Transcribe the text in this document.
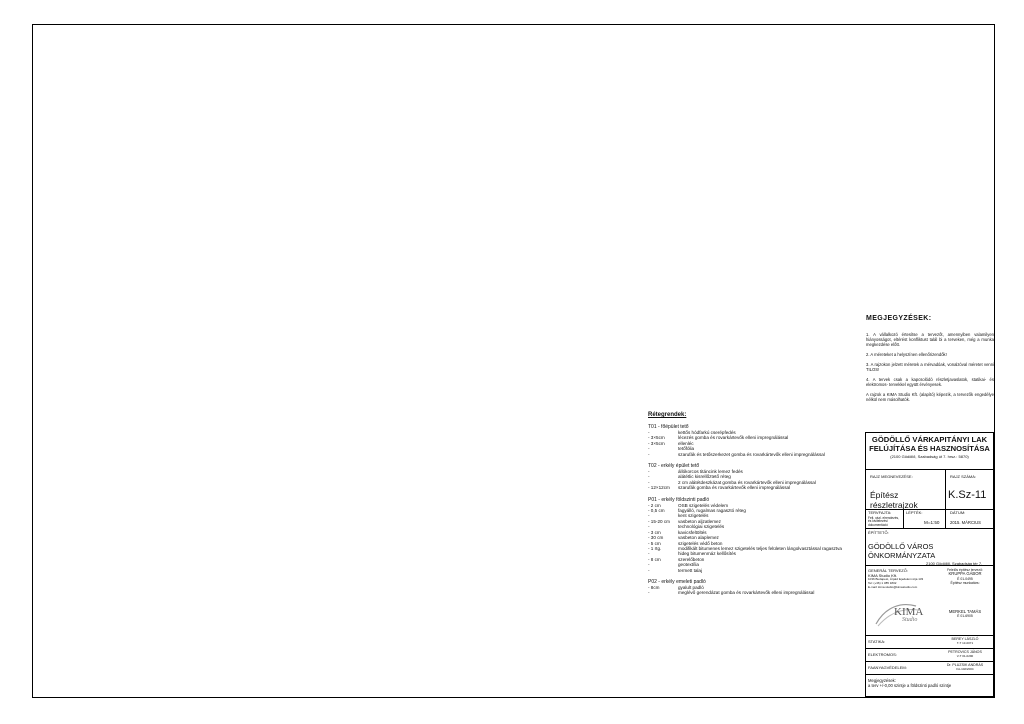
Rétegrendek:
T01 - főépület tető
-	kettős hódfarkú cserépfedés
- 3×5cm	lécezés gomba és rovarkártevők elleni impregnálással
- 3×5cm	ellenléc
-	tetőfólia
-	szarufák és tetőszerkezet gomba és rovarkártevők elleni impregnálással
T02 - erkély épület tető
-	állókorcos titáncink lemez fedés
-	alátétlic kisrellőztető réteg
-	2 cm alátétdeszkázat gomba és rovarkártevők elleni impregnálással
- 12×12cm	szarufák gomba és rovarkártevők elleni impregnálással
P01 - erkély földszinti padló
- 2 cm	OSB szigetelés védelem
- 0,5 cm	fagyálló, rugalmas ragasztó réteg
-	kent szigetelés
- 15-20 cm	vasbeton aljzatlemez
-	technológiai szigetelés
- 3 cm	kavicsfeltöltés
- 30 cm	vasbeton alaplemez
- 5 cm	szigetelés védő beton
- 1 rtg.	modifikált bitumenes lemez szigetelés teljes felületen lángolvasztással ragasztva
-	hideg bitumenmáz kellősítés
- 8 cm	szerelőbeton
-	geotextília
-	termett talaj
P02 - erkély emeleti padló
- 8cm	gyalult padló
-	meglévő gerendázat gomba és rovarkártevők elleni impregnálással
MEGJEGYZÉSEK:

1. A vállalkozó értesítse a tervezőt, amennyiben valamilyen hiányosságot, eltérést konfliktust talál bi a terveken, még a munka megkezdése előtt.

2. A méreteket a helyszínen ellenőrizendők!

3. A rajzokon jelzett méretek a mérvadóak, vonalzóval méretet venni TILOS!

4. A tervek csak a kapcsolódó részletjavaslatok, statikai- és elektromos- tervekkel együtt érvényesek.

A rajzok a KIMA Studio Kft. (alapító) képezik, a tervezők engedélye nélkül nem másolhatók.

GÖDÖLLŐ VÁRKAPITÁNYI LAK
FELÚJÍTÁSA ÉS HASZNOSÍTÁSA
(2100 Gödöllő, Szabadság út 7. hrsz.: 5870)
RAJZ MEGNEVEZÉSE:
Építész részletrajzok
RAJZ SZÁMA:
K.Sz-11
TERVFAJTA:
Felt. vázl. elrendezés, és kivitelezési dokumentáció
LÉPTÉK:
M=1:50
DÁTUM:
2015. MÁRCIUS
ÉPÍTTETŐ:
GÖDÖLLŐ VÁROS ÖNKORMÁNYZATA
2100 Gödöllő, Szabadság tér 7.
GENERÁL TERVEZŐ:
KIMA Studio Kft.
1036 Budapest, Árpád fejedelem útja 133
Tel: (+36) 1 385 1802
E-mail: kima.studio@kimastudio.com
KIMA
Studio
Felelős építész tervező:
KRUPPA GÁBOR
É 01-0495
Építész munkatárs:
MERKEL TAMÁS
É 01-6905
STATIKA:	BEREY LÁSZLÓ
T-T 13-0071
ELEKTROMOS:	PETROVICS JÁNOS
V-T 01-0290
FAANYAGVÉDELEM:	Dr. PLUZSIK ANDRÁS
FA-102/2004
Megjegyzések:
a terv +/-0,00 szintje a földszinti padló szintje
